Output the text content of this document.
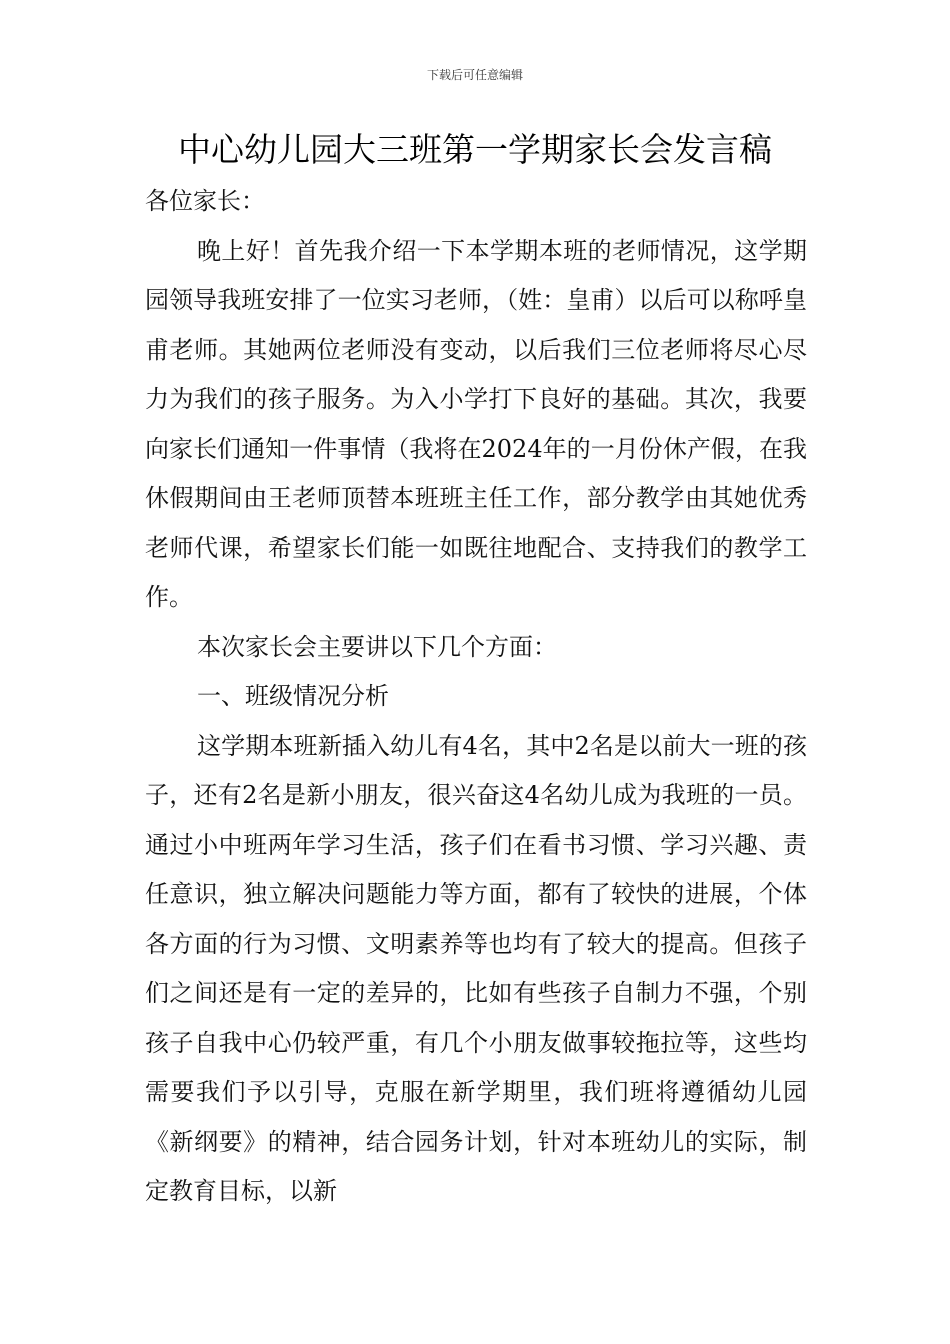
下载后可任意编辑
中心幼儿园大三班第一学期家长会发言稿

各位家长：

晚上好！首先我介绍一下本学期本班的老师情况，这学期园领导我班安排了一位实习老师，（姓：皇甫）以后可以称呼皇甫老师。其她两位老师没有变动，以后我们三位老师将尽心尽力为我们的孩子服务。为入小学打下良好的基础。其次，我要向家长们通知一件事情（我将在2024年的一月份休产假，在我休假期间由王老师顶替本班班主任工作，部分教学由其她优秀老师代课，希望家长们能一如既往地配合、支持我们的教学工作。

本次家长会主要讲以下几个方面：

一、班级情况分析

这学期本班新插入幼儿有4名，其中2名是以前大一班的孩子，还有2名是新小朋友，很兴奋这4名幼儿成为我班的一员。通过小中班两年学习生活，孩子们在看书习惯、学习兴趣、责任意识，独立解决问题能力等方面，都有了较快的进展，个体各方面的行为习惯、文明素养等也均有了较大的提高。但孩子们之间还是有一定的差异的，比如有些孩子自制力不强，个别孩子自我中心仍较严重，有几个小朋友做事较拖拉等，这些均需要我们予以引导，克服在新学期里，我们班将遵循幼儿园《新纲要》的精神，结合园务计划，针对本班幼儿的实际，制定教育目标，以新
